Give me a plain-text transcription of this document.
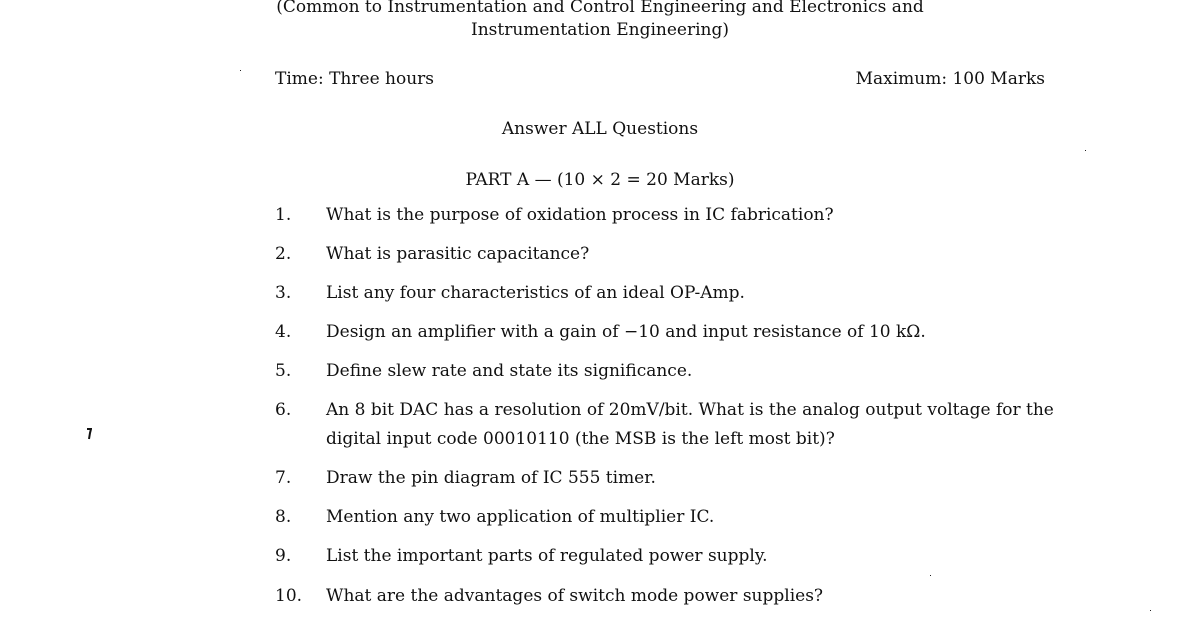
(Common to Instrumentation and Control Engineering and Electronics and
Instrumentation Engineering)
Time: Three hours	Maximum: 100 Marks
Answer ALL Questions
PART A — (10 × 2 = 20 Marks)
1.	What is the purpose of oxidation process in IC fabrication?
2.	What is parasitic capacitance?
3.	List any four characteristics of an ideal OP-Amp.
4.	Design an amplifier with a gain of −10 and input resistance of 10 kΩ.
5.	Define slew rate and state its significance.
6.	An 8 bit DAC has a resolution of 20mV/bit. What is the analog output voltage for the digital input code 00010110 (the MSB is the left most bit)?
7.	Draw the pin diagram of IC 555 timer.
8.	Mention any two application of multiplier IC.
9.	List the important parts of regulated power supply.
10.	What are the advantages of switch mode power supplies?
